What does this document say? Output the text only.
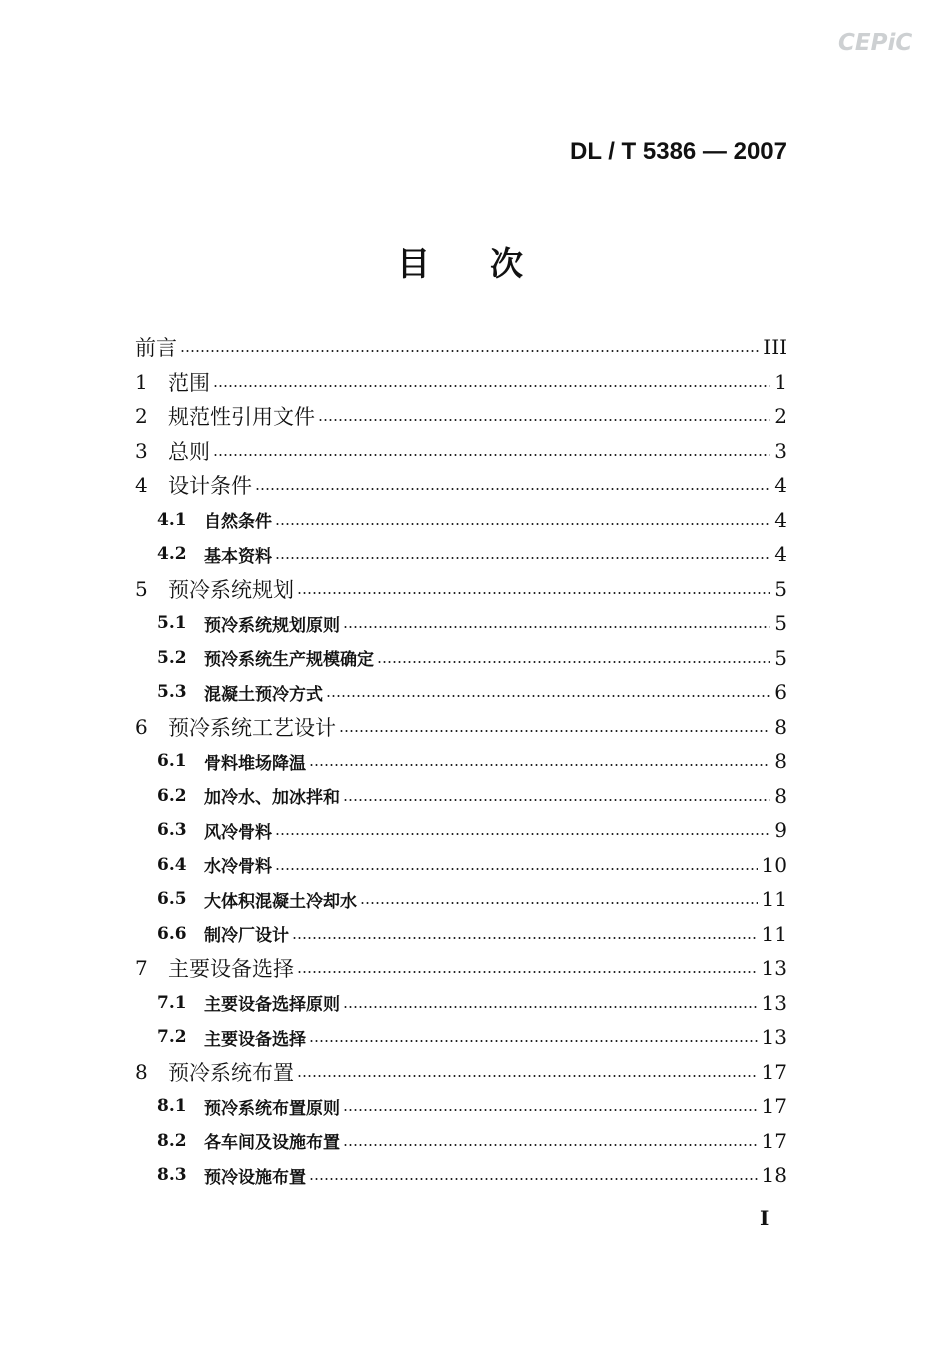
CEPiC
DL / T 5386 — 2007
目次
前言	III
1 范围	1
2 规范性引用文件	2
3 总则	3
4 设计条件	4
4.1	自然条件	4
4.2	基本资料	4
5 预冷系统规划	5
5.1	预冷系统规划原则	5
5.2	预冷系统生产规模确定	5
5.3	混凝土预冷方式	6
6 预冷系统工艺设计	8
6.1	骨料堆场降温	8
6.2	加冷水、加冰拌和	8
6.3	风冷骨料	9
6.4	水冷骨料	10
6.5	大体积混凝土冷却水	11
6.6	制冷厂设计	11
7 主要设备选择	13
7.1	主要设备选择原则	13
7.2	主要设备选择	13
8 预冷系统布置	17
8.1	预冷系统布置原则	17
8.2	各车间及设施布置	17
8.3	预冷设施布置	18
I
